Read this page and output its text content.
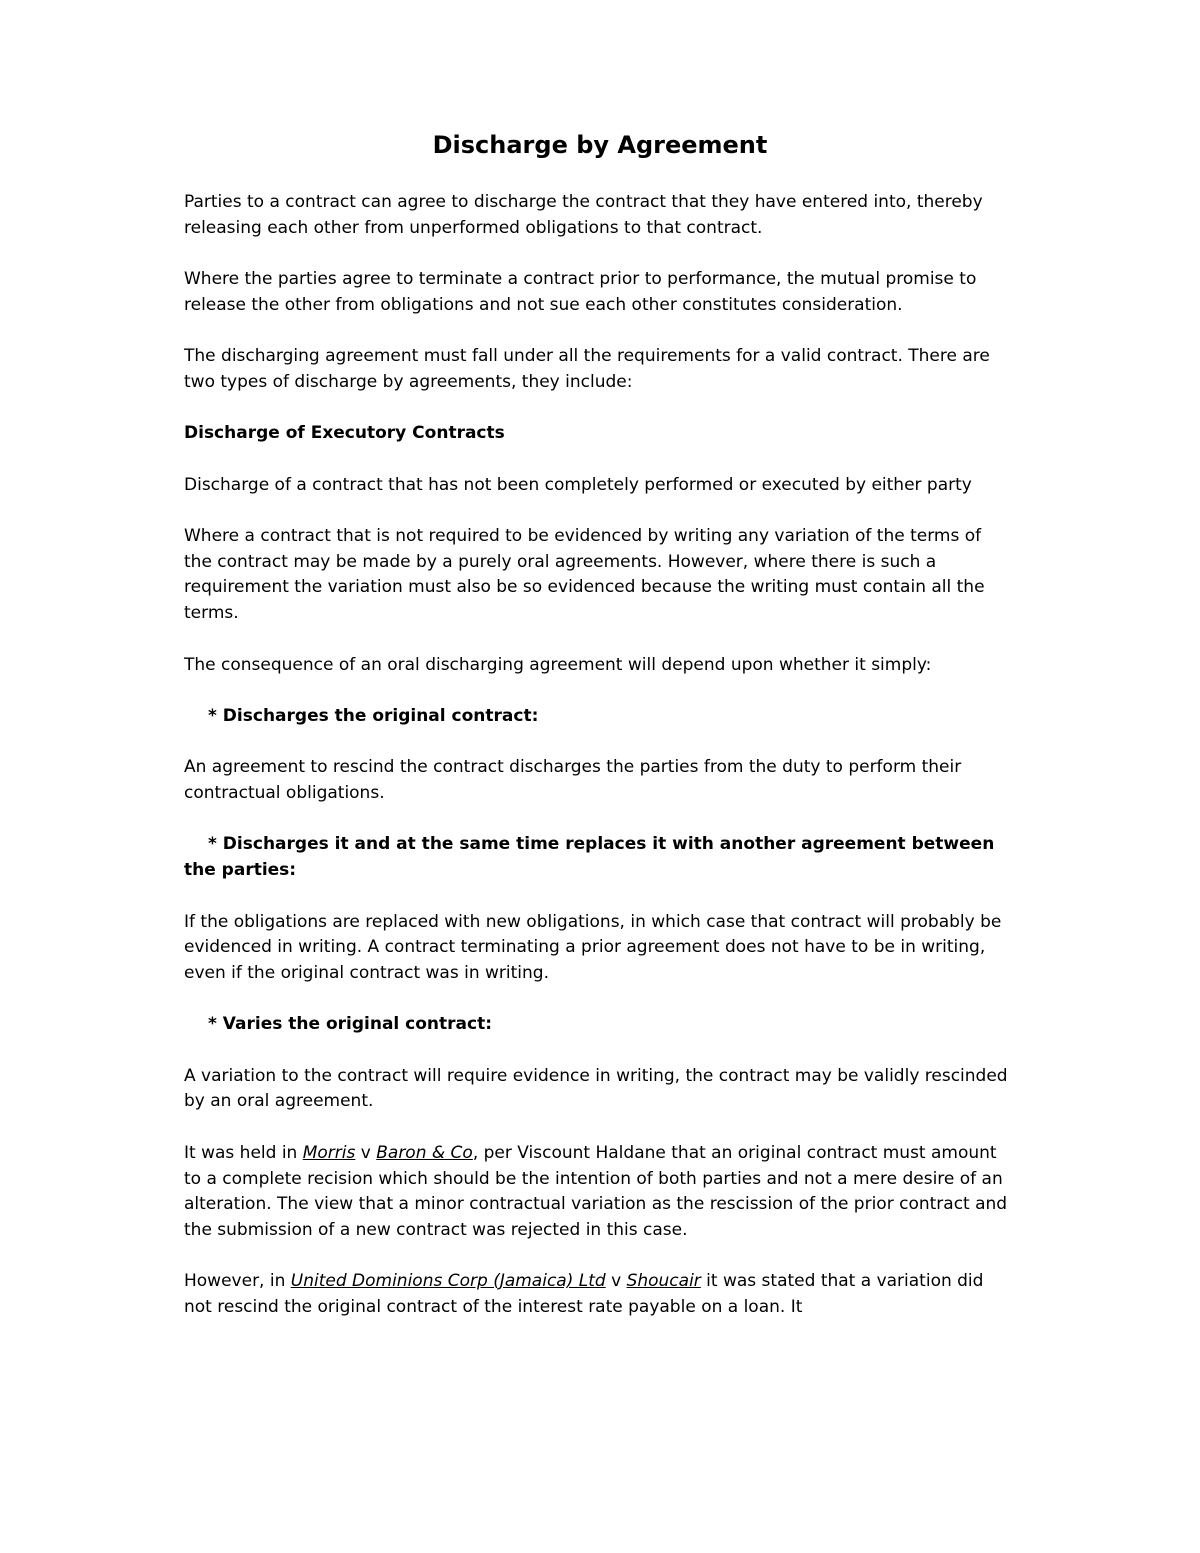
Discharge by Agreement

Parties to a contract can agree to discharge the contract that they have entered into, thereby releasing each other from unperformed obligations to that contract.

Where the parties agree to terminate a contract prior to performance, the mutual promise to release the other from obligations and not sue each other constitutes consideration.

The discharging agreement must fall under all the requirements for a valid contract. There are two types of discharge by agreements, they include:

Discharge of Executory Contracts

Discharge of a contract that has not been completely performed or executed by either party

Where a contract that is not required to be evidenced by writing any variation of the terms of the contract may be made by a purely oral agreements. However, where there is such a requirement the variation must also be so evidenced because the writing must contain all the terms.

The consequence of an oral discharging agreement will depend upon whether it simply:

* Discharges the original contract:

An agreement to rescind the contract discharges the parties from the duty to perform their contractual obligations.

* Discharges it and at the same time replaces it with another agreement between the parties:

If the obligations are replaced with new obligations, in which case that contract will probably be evidenced in writing. A contract terminating a prior agreement does not have to be in writing, even if the original contract was in writing.

* Varies the original contract:

A variation to the contract will require evidence in writing, the contract may be validly rescinded by an oral agreement.

It was held in Morris v Baron & Co, per Viscount Haldane that an original contract must amount to a complete recision which should be the intention of both parties and not a mere desire of an alteration. The view that a minor contractual variation as the rescission of the prior contract and the submission of a new contract was rejected in this case.

However, in United Dominions Corp (Jamaica) Ltd v Shoucair it was stated that a variation did not rescind the original contract of the interest rate payable on a loan. It
